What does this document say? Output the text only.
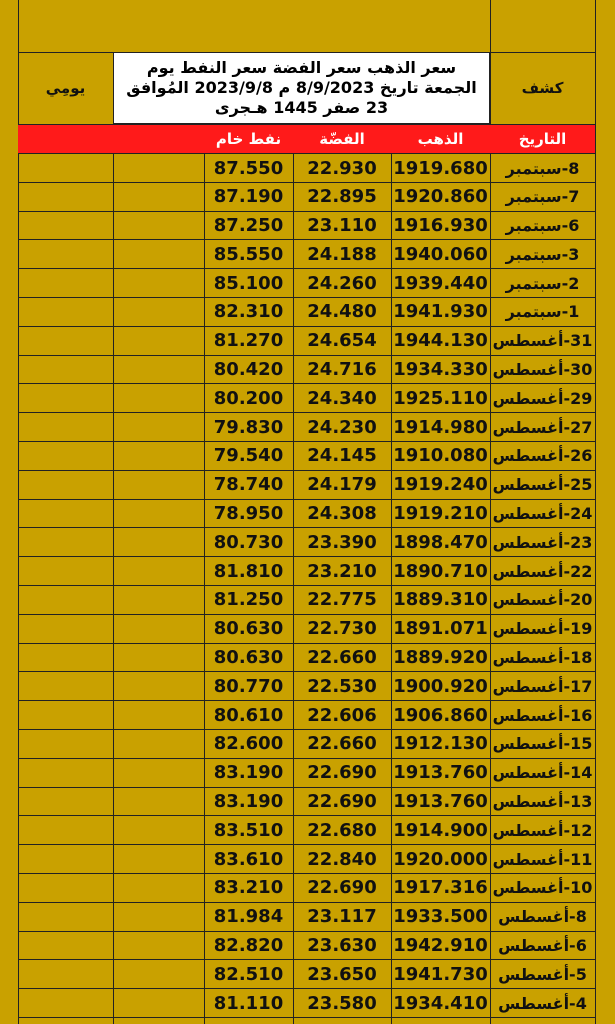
يومِي
سعر الذهب سعر الفضة سعر النفط يوم الجمعة تاريخ 8/9/2023 م 2023/9/8 المُوافق 23 صفر 1445 هـجرى
كشف
التاريخ
الذهب
الفضّة
نفط خام
8-سبتمبر
1919.680
22.930
87.550
7-سبتمبر
1920.860
22.895
87.190
6-سبتمبر
1916.930
23.110
87.250
3-سبتمبر
1940.060
24.188
85.550
2-سبتمبر
1939.440
24.260
85.100
1-سبتمبر
1941.930
24.480
82.310
31-أغسطس
1944.130
24.654
81.270
30-أغسطس
1934.330
24.716
80.420
29-أغسطس
1925.110
24.340
80.200
27-أغسطس
1914.980
24.230
79.830
26-أغسطس
1910.080
24.145
79.540
25-أغسطس
1919.240
24.179
78.740
24-أغسطس
1919.210
24.308
78.950
23-أغسطس
1898.470
23.390
80.730
22-أغسطس
1890.710
23.210
81.810
20-أغسطس
1889.310
22.775
81.250
19-أغسطس
1891.071
22.730
80.630
18-أغسطس
1889.920
22.660
80.630
17-أغسطس
1900.920
22.530
80.770
16-أغسطس
1906.860
22.606
80.610
15-أغسطس
1912.130
22.660
82.600
14-أغسطس
1913.760
22.690
83.190
13-أغسطس
1913.760
22.690
83.190
12-أغسطس
1914.900
22.680
83.510
11-أغسطس
1920.000
22.840
83.610
10-أغسطس
1917.316
22.690
83.210
8-أغسطس
1933.500
23.117
81.984
6-أغسطس
1942.910
23.630
82.820
5-أغسطس
1941.730
23.650
82.510
4-أغسطس
1934.410
23.580
81.110
